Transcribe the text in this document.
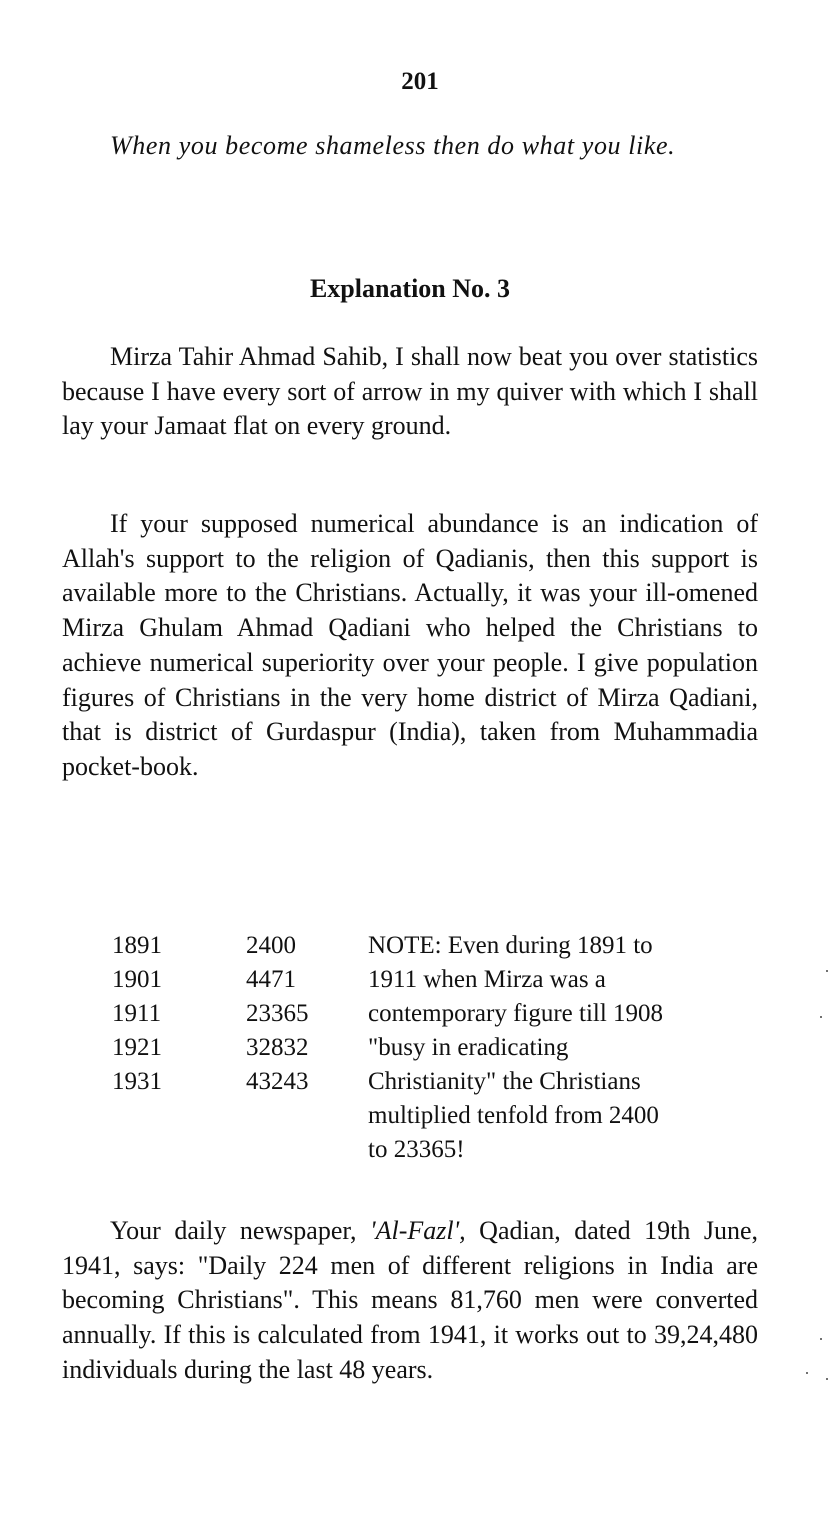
201
When you become shameless then do what you like.
Explanation No. 3

Mirza Tahir Ahmad Sahib, I shall now beat you over statistics because I have every sort of arrow in my quiver with which I shall lay your Jamaat flat on every ground.

If your supposed numerical abundance is an indication of Allah's support to the religion of Qadianis, then this support is available more to the Christians. Actually, it was your ill-omened Mirza Ghulam Ahmad Qadiani who helped the Christians to achieve numerical superiority over your people. I give population figures of Christians in the very home district of Mirza Qadiani, that is district of Gurdaspur (India), taken from Muhammadia pocket-book.

1891
1901
1911
1921
1931
2400
4471
23365
32832
43243
NOTE: Even during 1891 to
1911 when Mirza was a
contemporary figure till 1908
"busy in eradicating
Christianity" the Christians
multiplied tenfold from 2400
to 23365!

Your daily newspaper, 'Al-Fazl', Qadian, dated 19th June, 1941, says: "Daily 224 men of different religions in India are becoming Christians". This means 81,760 men were converted annually. If this is calculated from 1941, it works out to 39,24,480 individuals during the last 48 years.
